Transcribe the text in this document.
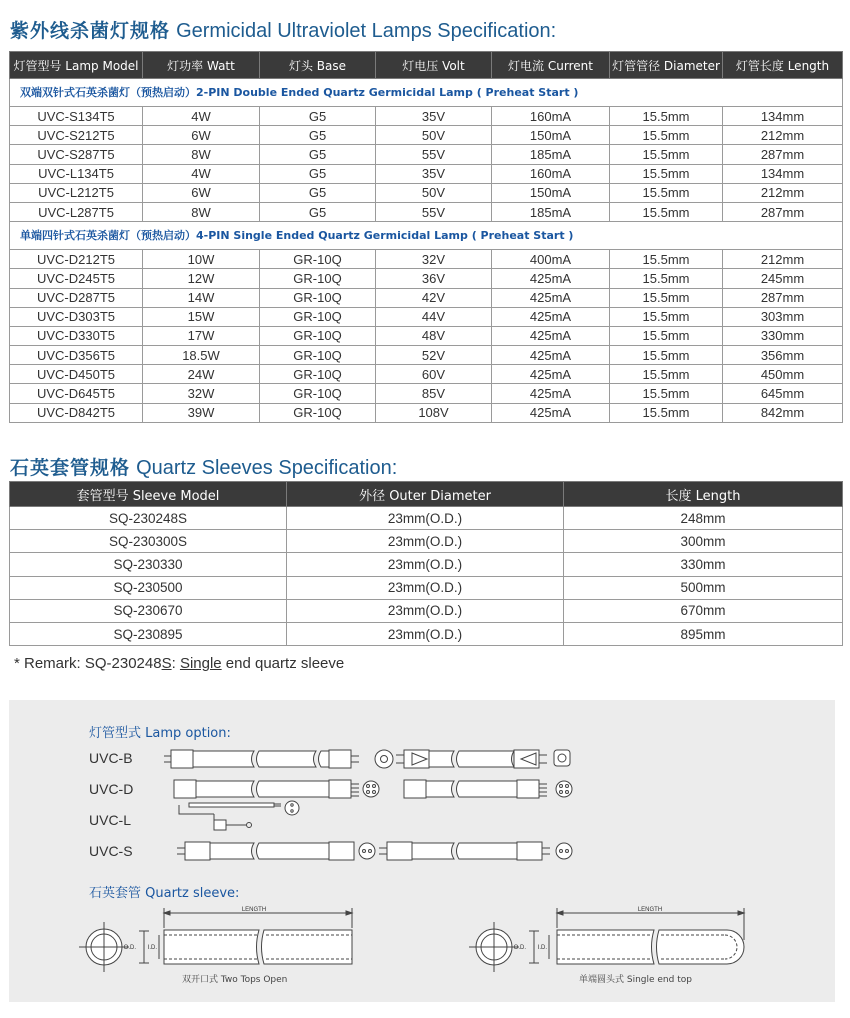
紫外线杀菌灯规格 Germicidal Ultraviolet Lamps Specification:
灯管型号 Lamp Model	灯功率 Watt	灯头 Base	灯电压 Volt	灯电流 Current	灯管管径 Diameter	灯管长度 Length
双端双针式石英杀菌灯（预热启动）2-PIN Double Ended Quartz Germicidal Lamp ( Preheat Start )						
UVC-S134T5	4W	G5	35V	160mA	15.5mm	134mm
UVC-S212T5	6W	G5	50V	150mA	15.5mm	212mm
UVC-S287T5	8W	G5	55V	185mA	15.5mm	287mm
UVC-L134T5	4W	G5	35V	160mA	15.5mm	134mm
UVC-L212T5	6W	G5	50V	150mA	15.5mm	212mm
UVC-L287T5	8W	G5	55V	185mA	15.5mm	287mm
单端四针式石英杀菌灯（预热启动）4-PIN Single Ended Quartz Germicidal Lamp ( Preheat Start )						
UVC-D212T5	10W	GR-10Q	32V	400mA	15.5mm	212mm
UVC-D245T5	12W	GR-10Q	36V	425mA	15.5mm	245mm
UVC-D287T5	14W	GR-10Q	42V	425mA	15.5mm	287mm
UVC-D303T5	15W	GR-10Q	44V	425mA	15.5mm	303mm
UVC-D330T5	17W	GR-10Q	48V	425mA	15.5mm	330mm
UVC-D356T5	18.5W	GR-10Q	52V	425mA	15.5mm	356mm
UVC-D450T5	24W	GR-10Q	60V	425mA	15.5mm	450mm
UVC-D645T5	32W	GR-10Q	85V	425mA	15.5mm	645mm
UVC-D842T5	39W	GR-10Q	108V	425mA	15.5mm	842mm
石英套管规格 Quartz Sleeves Specification:
套管型号 Sleeve Model	外径 Outer Diameter	长度 Length
SQ-230248S	23mm(O.D.)	248mm
SQ-230300S	23mm(O.D.)	300mm
SQ-230330	23mm(O.D.)	330mm
SQ-230500	23mm(O.D.)	500mm
SQ-230670	23mm(O.D.)	670mm
SQ-230895	23mm(O.D.)	895mm
* Remark: SQ-230248S: Single end quartz sleeve
灯管型式 Lamp option:
UVC-B
UVC-D
UVC-L
UVC-S
石英套管 Quartz sleeve:
LENGTH
O.D. I.D.
LENGTH
O.D. I.D.
双开口式 Two Tops Open	单端圆头式 Single end top
